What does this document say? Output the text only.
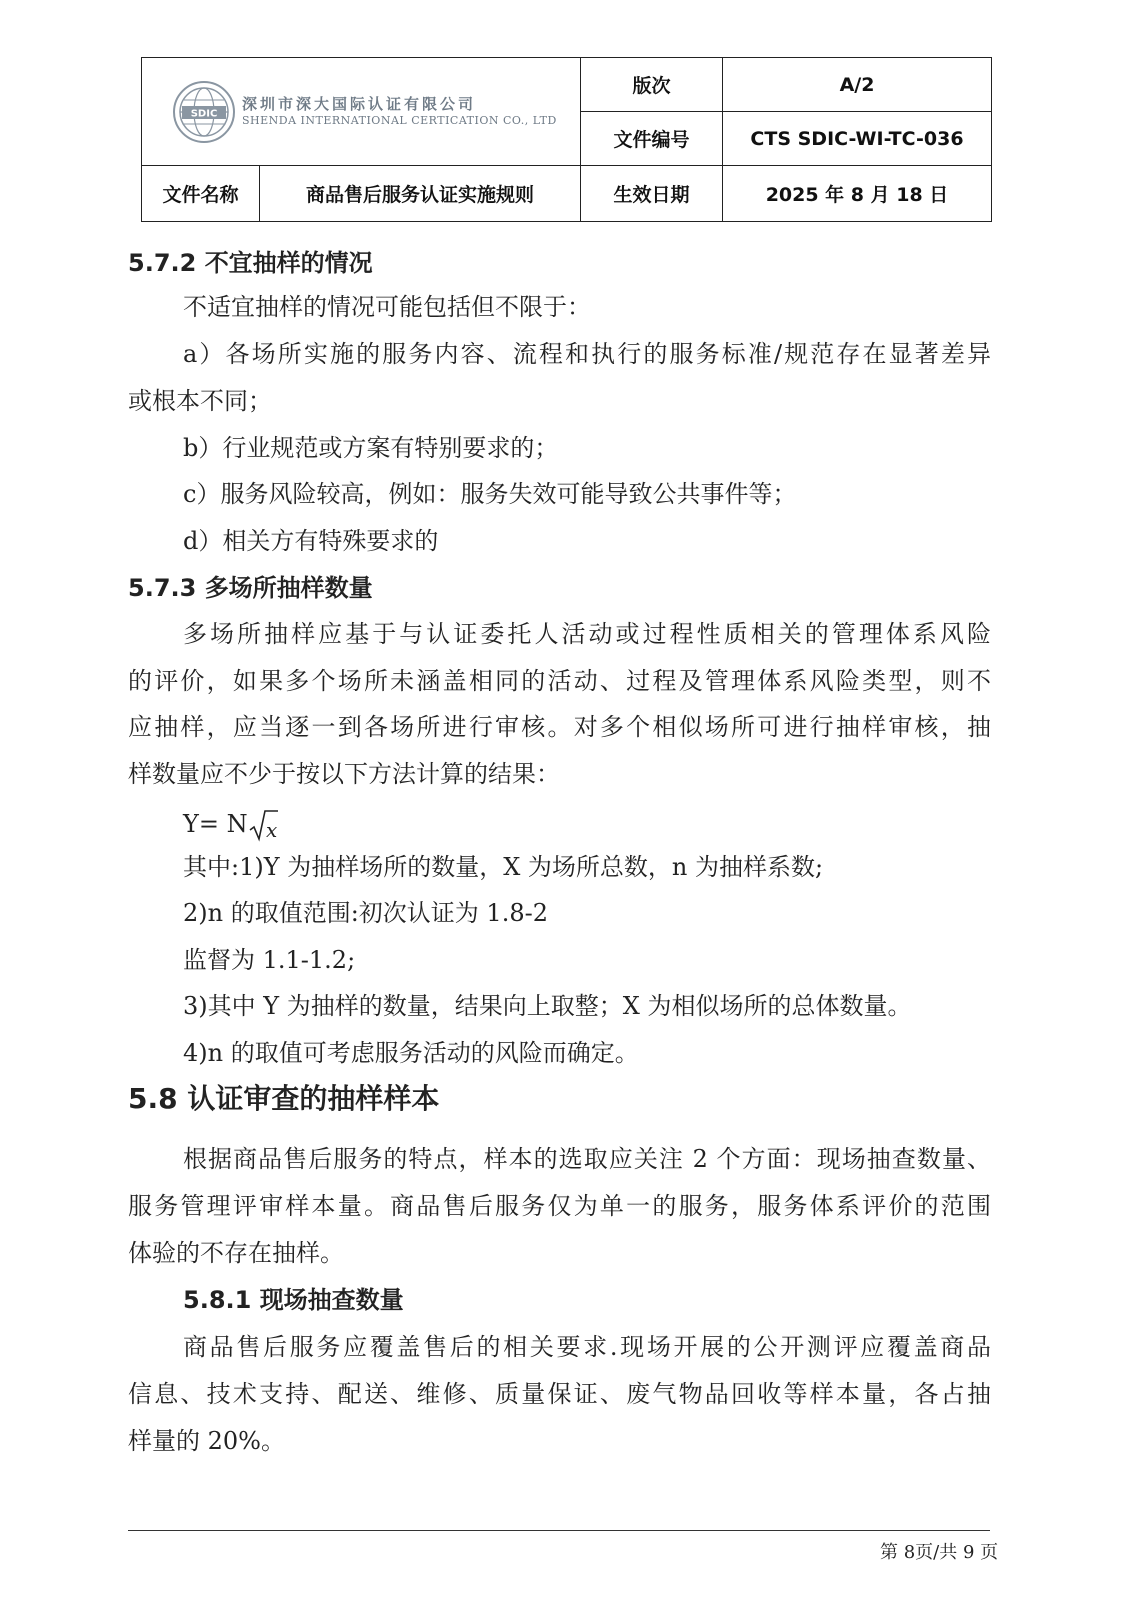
SDIC
深圳市深大国际认证有限公司
SHENDA INTERNATIONAL CERTICATION CO., LTD		版次	A/2
		文件编号	CTS SDIC-WI-TC-036
文件名称	商品售后服务认证实施规则	生效日期	2025 年 8 月 18 日
5.7.2 不宜抽样的情况
不适宜抽样的情况可能包括但不限于：
a）各场所实施的服务内容、流程和执行的服务标准/规范存在显著差异
或根本不同；
b）行业规范或方案有特别要求的；
c）服务风险较高，例如：服务失效可能导致公共事件等；
d）相关方有特殊要求的
5.7.3 多场所抽样数量
多场所抽样应基于与认证委托人活动或过程性质相关的管理体系风险
的评价，如果多个场所未涵盖相同的活动、过程及管理体系风险类型，则不
应抽样，应当逐一到各场所进行审核。对多个相似场所可进行抽样审核，抽
样数量应不少于按以下方法计算的结果：
Y= N x
其中:1)Y 为抽样场所的数量，X 为场所总数，n 为抽样系数;
2)n 的取值范围:初次认证为 1.8-2
监督为 1.1-1.2;
3)其中 Y 为抽样的数量，结果向上取整；X 为相似场所的总体数量。
4)n 的取值可考虑服务活动的风险而确定。
5.8 认证审查的抽样样本
根据商品售后服务的特点，样本的选取应关注 2 个方面：现场抽查数量、
服务管理评审样本量。商品售后服务仅为单一的服务，服务体系评价的范围
体验的不存在抽样。
5.8.1 现场抽查数量
商品售后服务应覆盖售后的相关要求.现场开展的公开测评应覆盖商品
信息、技术支持、配送、维修、质量保证、废气物品回收等样本量，各占抽
样量的 20%。
第 8页/共 9 页
